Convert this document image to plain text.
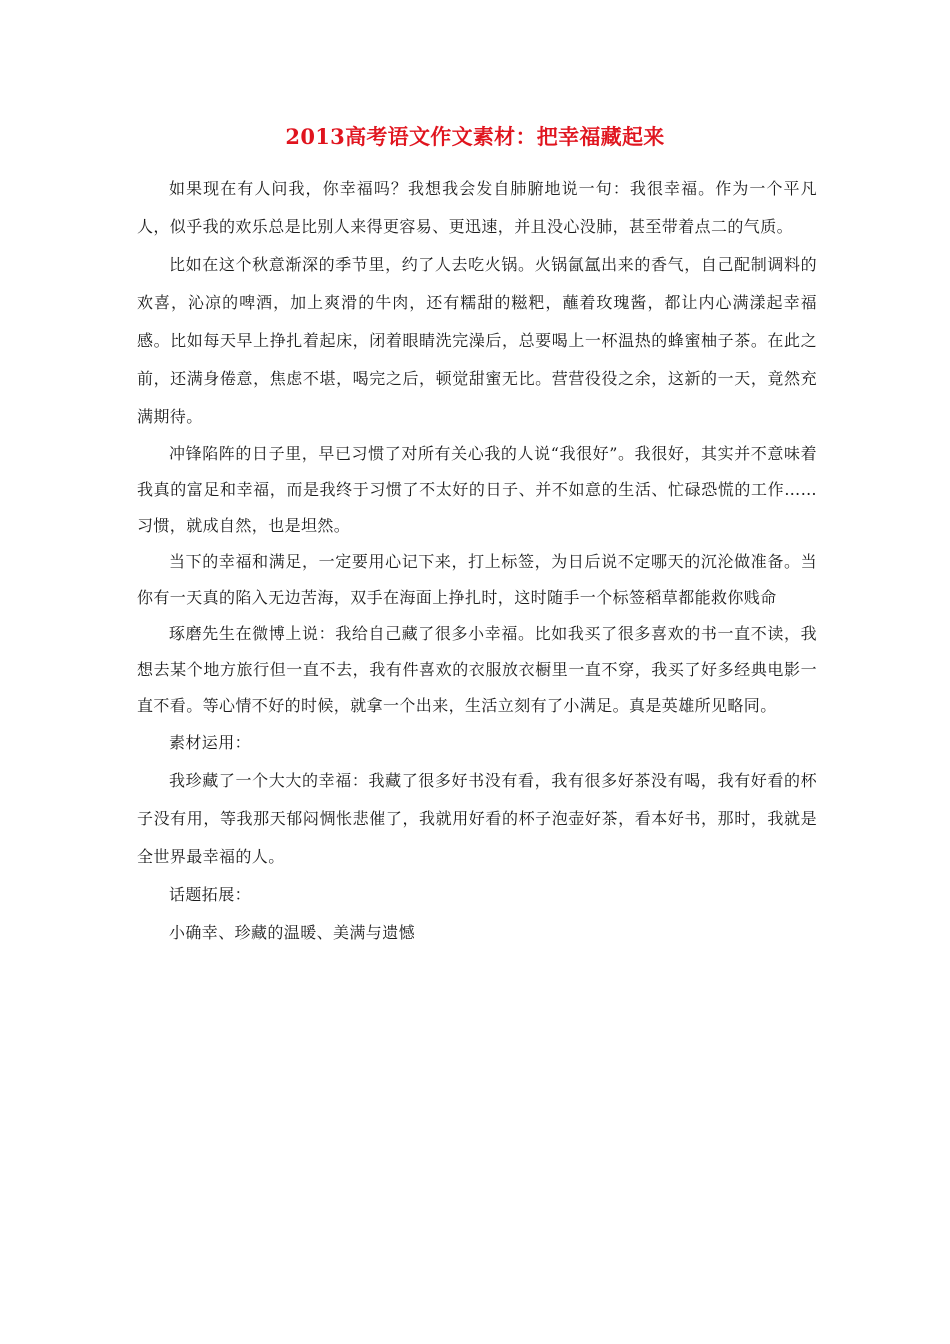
2013高考语文作文素材：把幸福藏起来

如果现在有人问我，你幸福吗？我想我会发自肺腑地说一句：我很幸福。作为一个平凡人，似乎我的欢乐总是比别人来得更容易、更迅速，并且没心没肺，甚至带着点二的气质。

比如在这个秋意渐深的季节里，约了人去吃火锅。火锅氤氲出来的香气，自己配制调料的欢喜，沁凉的啤酒，加上爽滑的牛肉，还有糯甜的糍粑，蘸着玫瑰酱，都让内心满漾起幸福感。比如每天早上挣扎着起床，闭着眼睛洗完澡后，总要喝上一杯温热的蜂蜜柚子茶。在此之前，还满身倦意，焦虑不堪，喝完之后，顿觉甜蜜无比。营营役役之余，这新的一天，竟然充满期待。

冲锋陷阵的日子里，早已习惯了对所有关心我的人说“我很好”。我很好，其实并不意味着我真的富足和幸福，而是我终于习惯了不太好的日子、并不如意的生活、忙碌恐慌的工作……习惯，就成自然，也是坦然。

当下的幸福和满足，一定要用心记下来，打上标签，为日后说不定哪天的沉沦做准备。当你有一天真的陷入无边苦海，双手在海面上挣扎时，这时随手一个标签稻草都能救你贱命

琢磨先生在微博上说：我给自己藏了很多小幸福。比如我买了很多喜欢的书一直不读，我想去某个地方旅行但一直不去，我有件喜欢的衣服放衣橱里一直不穿，我买了好多经典电影一直不看。等心情不好的时候，就拿一个出来，生活立刻有了小满足。真是英雄所见略同。

素材运用：

我珍藏了一个大大的幸福：我藏了很多好书没有看，我有很多好茶没有喝，我有好看的杯子没有用，等我那天郁闷惆怅悲催了，我就用好看的杯子泡壶好茶，看本好书，那时，我就是全世界最幸福的人。

话题拓展：

小确幸、珍藏的温暖、美满与遗憾
